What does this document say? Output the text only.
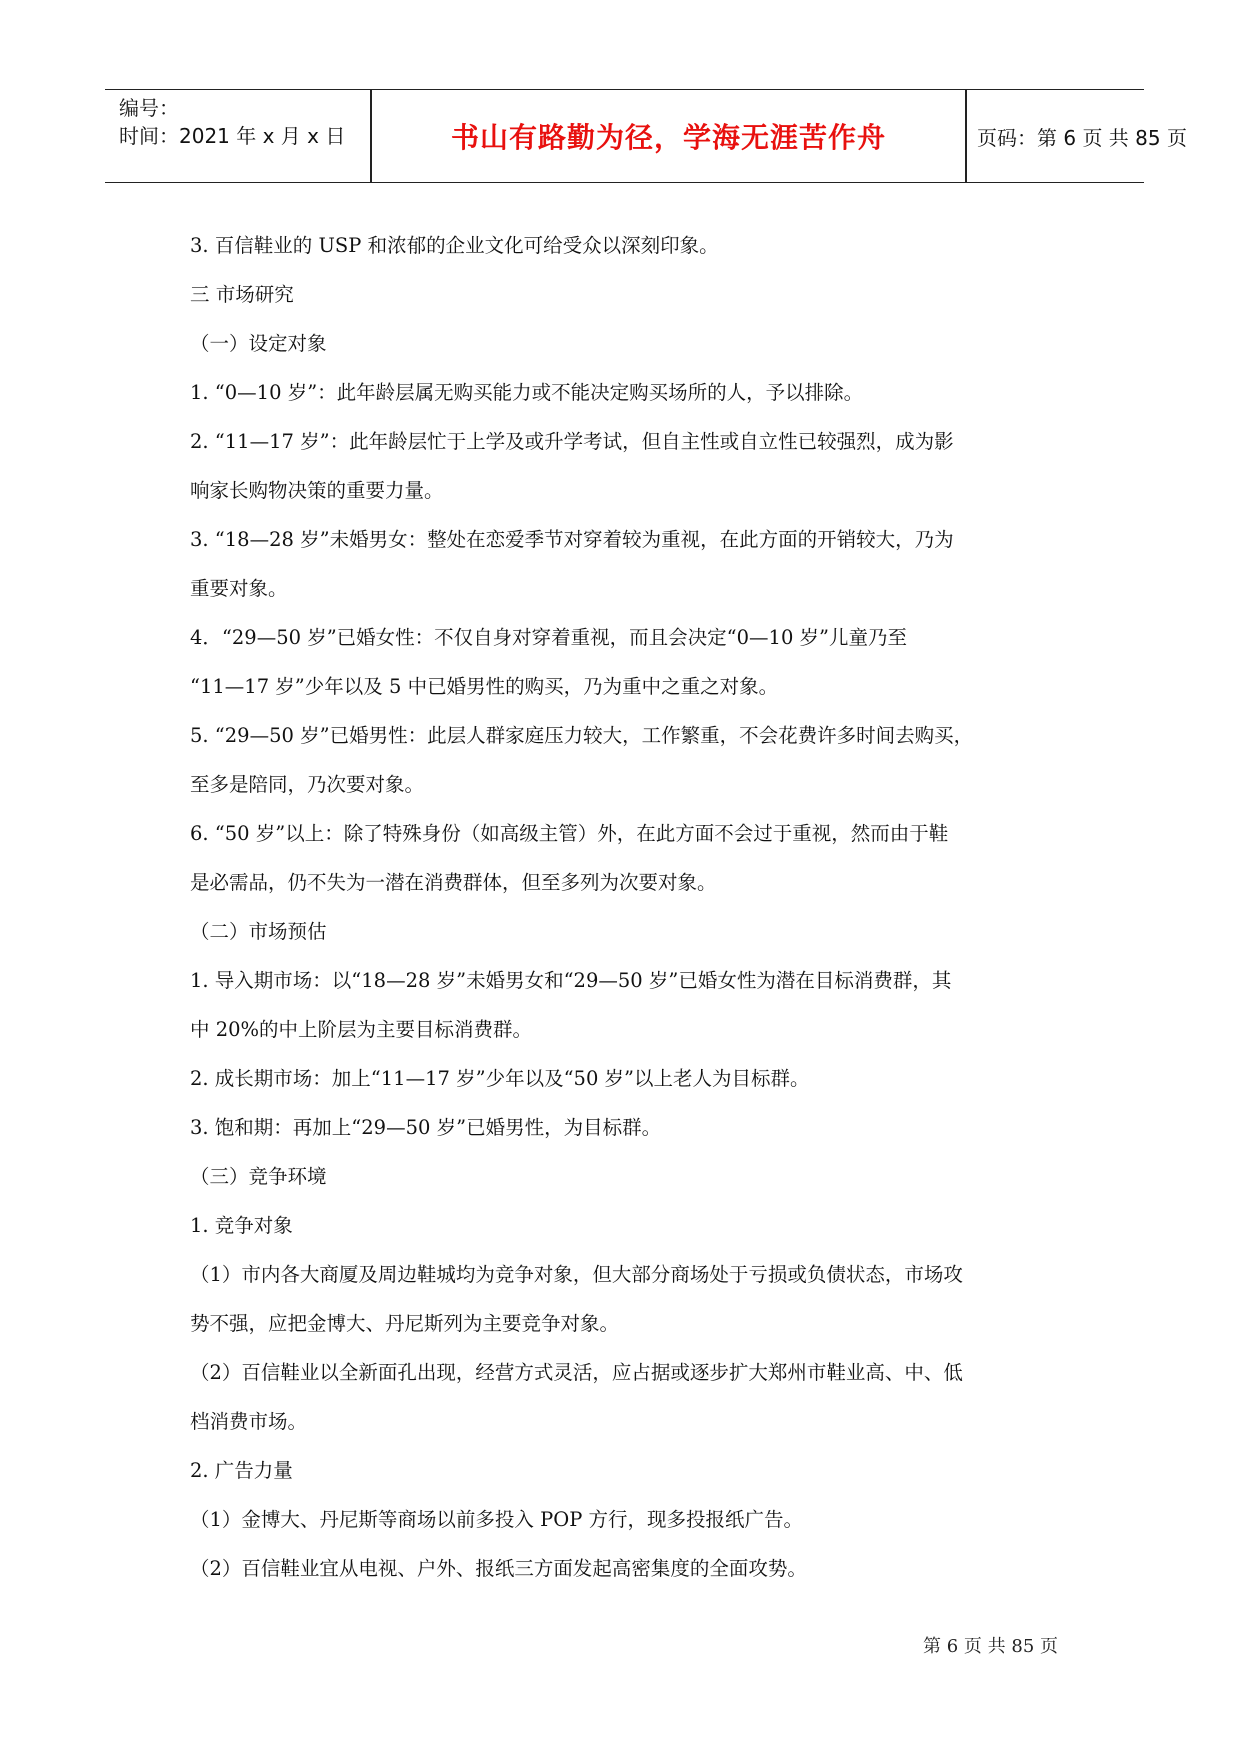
编号：
时间：2021 年 x 月 x 日	书山有路勤为径，学海无涯苦作舟	页码：第 6 页 共 85 页

3. 百信鞋业的 USP 和浓郁的企业文化可给受众以深刻印象。

三 市场研究

（一）设定对象

1. “0—10 岁”：此年龄层属无购买能力或不能决定购买场所的人，予以排除。

2. “11—17 岁”：此年龄层忙于上学及或升学考试，但自主性或自立性已较强烈，成为影

响家长购物决策的重要力量。

3. “18—28 岁”未婚男女：整处在恋爱季节对穿着较为重视，在此方面的开销较大，乃为

重要对象。

4．“29—50 岁”已婚女性：不仅自身对穿着重视，而且会决定“0—10 岁”儿童乃至

“11—17 岁”少年以及 5 中已婚男性的购买，乃为重中之重之对象。

5. “29—50 岁”已婚男性：此层人群家庭压力较大，工作繁重，不会花费许多时间去购买，

至多是陪同，乃次要对象。

6. “50 岁”以上：除了特殊身份（如高级主管）外，在此方面不会过于重视，然而由于鞋

是必需品，仍不失为一潜在消费群体，但至多列为次要对象。

（二）市场预估

1. 导入期市场：以“18—28 岁”未婚男女和“29—50 岁”已婚女性为潜在目标消费群，其

中 20%的中上阶层为主要目标消费群。

2. 成长期市场：加上“11—17 岁”少年以及“50 岁”以上老人为目标群。

3. 饱和期：再加上“29—50 岁”已婚男性，为目标群。

（三）竞争环境

1. 竞争对象

（1）市内各大商厦及周边鞋城均为竞争对象，但大部分商场处于亏损或负债状态，市场攻

势不强，应把金博大、丹尼斯列为主要竞争对象。

（2）百信鞋业以全新面孔出现，经营方式灵活，应占据或逐步扩大郑州市鞋业高、中、低

档消费市场。

2. 广告力量

（1）金博大、丹尼斯等商场以前多投入 POP 方行，现多投报纸广告。

（2）百信鞋业宜从电视、户外、报纸三方面发起高密集度的全面攻势。

第 6 页 共 85 页
